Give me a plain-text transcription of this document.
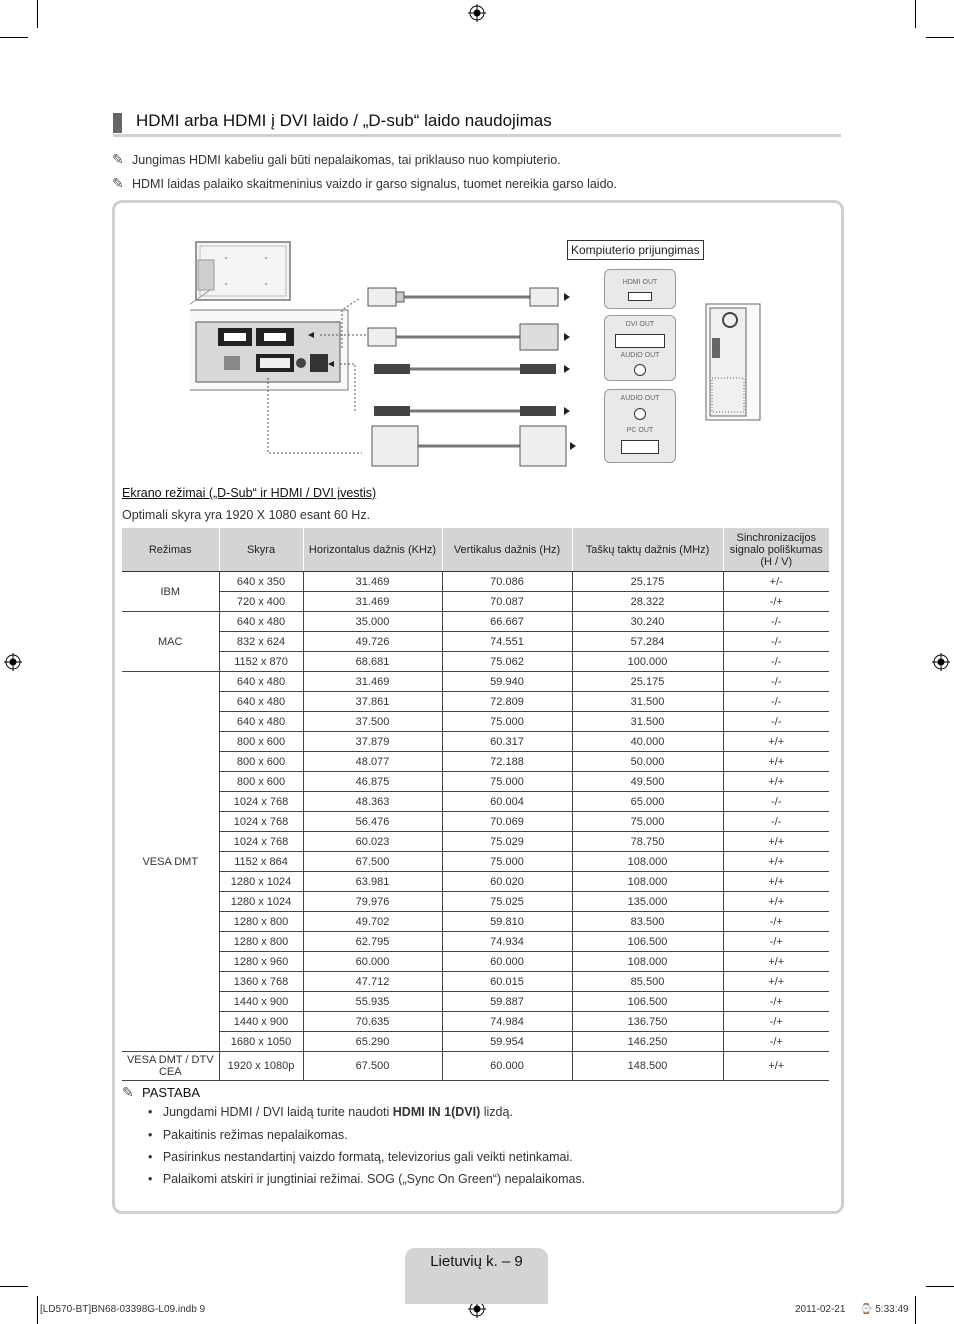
HDMI arba HDMI į DVI laido / „D-sub“ laido naudojimas
✎ Jungimas HDMI kabeliu gali būti nepalaikomas, tai priklauso nuo kompiuterio.
✎ HDMI laidas palaiko skaitmeninius vaizdo ir garso signalus, tuomet nereikia garso laido.
HDMI OUT
DVI OUT
AUDIO OUT
AUDIO OUT
PC OUT
Kompiuterio prijungimas
Ekrano režimai („D-Sub“ ir HDMI / DVI įvestis)
Optimali skyra yra 1920 X 1080 esant 60 Hz.
Režimas	Skyra	Horizontalus dažnis (KHz)	Vertikalus dažnis (Hz)	Taškų taktų dažnis (MHz)	Sinchronizacijos signalo poliškumas (H / V)
IBM	640 x 350	31.469	70.086	25.175	+/-
	720 x 400	31.469	70.087	28.322	-/+
MAC	640 x 480	35.000	66.667	30.240	-/-
	832 x 624	49.726	74.551	57.284	-/-
	1152 x 870	68.681	75.062	100.000	-/-
VESA DMT	640 x 480	31.469	59.940	25.175	-/-
	640 x 480	37.861	72.809	31.500	-/-
	640 x 480	37.500	75.000	31.500	-/-
	800 x 600	37.879	60.317	40.000	+/+
	800 x 600	48.077	72.188	50.000	+/+
	800 x 600	46.875	75.000	49.500	+/+
	1024 x 768	48.363	60.004	65.000	-/-
	1024 x 768	56.476	70.069	75.000	-/-
	1024 x 768	60.023	75.029	78.750	+/+
	1152 x 864	67.500	75.000	108.000	+/+
	1280 x 1024	63.981	60.020	108.000	+/+
	1280 x 1024	79.976	75.025	135.000	+/+
	1280 x 800	49.702	59.810	83.500	-/+
	1280 x 800	62.795	74.934	106.500	-/+
	1280 x 960	60.000	60.000	108.000	+/+
	1360 x 768	47.712	60.015	85.500	+/+
	1440 x 900	55.935	59.887	106.500	-/+
	1440 x 900	70.635	74.984	136.750	-/+
	1680 x 1050	65.290	59.954	146.250	-/+
VESA DMT / DTV CEA	1920 x 1080p	67.500	60.000	148.500	+/+
✎ PASTABA
• Jungdami HDMI / DVI laidą turite naudoti HDMI IN 1(DVI) lizdą.
• Pakaitinis režimas nepalaikomas.
• Pasirinkus nestandartinį vaizdo formatą, televizorius gali veikti netinkamai.
• Palaikomi atskiri ir jungtiniai režimai. SOG („Sync On Green“) nepalaikomas.
Lietuvių k. – 9
[LD570-BT]BN68-03398G-L09.indb 9	2011-02-21 ⌚ 5:33:49
